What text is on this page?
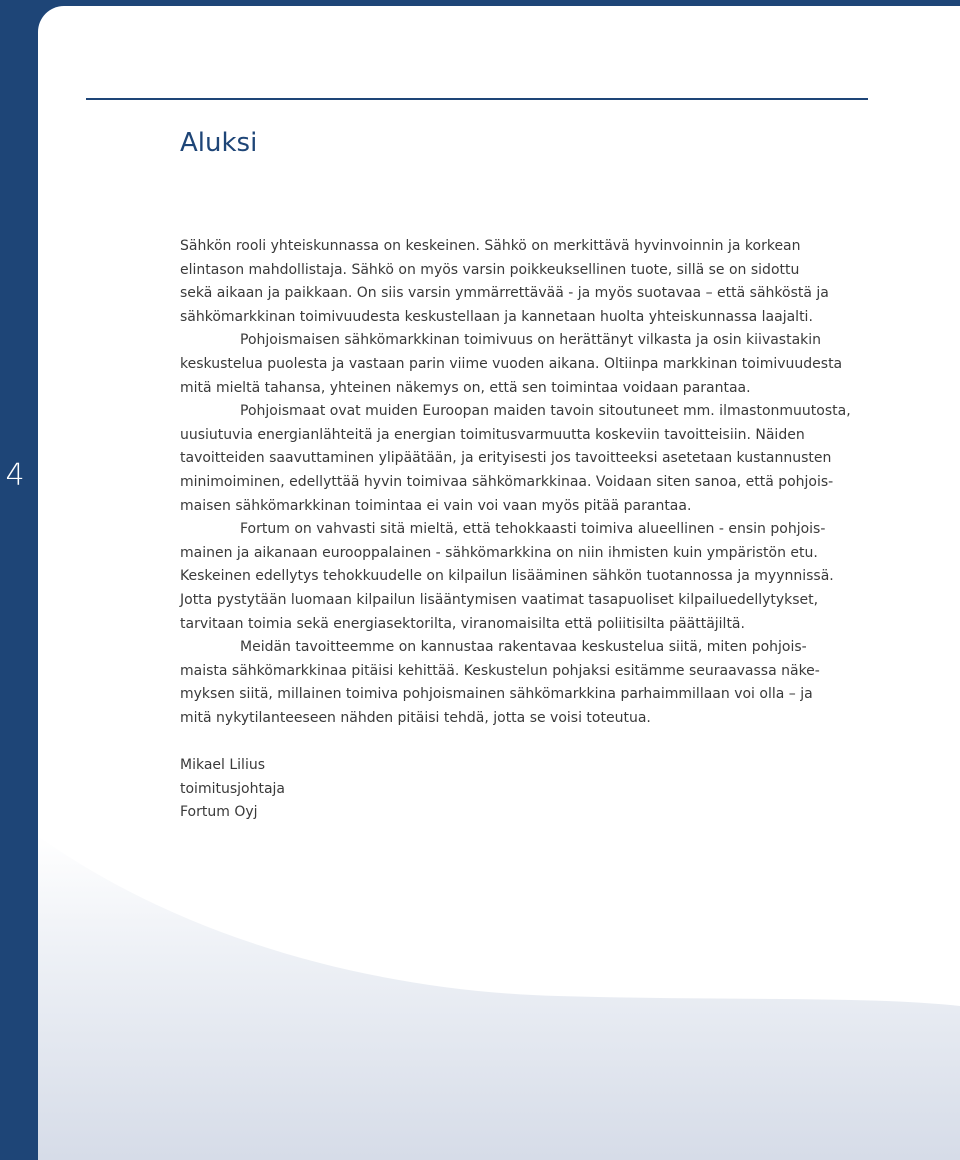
4
Aluksi

Sähkön rooli yhteiskunnassa on keskeinen. Sähkö on merkittävä hyvinvoinnin ja korkean
elintason mahdollistaja. Sähkö on myös varsin poikkeuksellinen tuote, sillä se on sidottu
sekä aikaan ja paikkaan. On siis varsin ymmärrettävää - ja myös suotavaa – että sähköstä ja
sähkömarkkinan toimivuudesta keskustellaan ja kannetaan huolta yhteiskunnassa laajalti.

Pohjoismaisen sähkömarkkinan toimivuus on herättänyt vilkasta ja osin kiivastakin
keskustelua puolesta ja vastaan parin viime vuoden aikana. Oltiinpa markkinan toimivuudesta
mitä mieltä tahansa, yhteinen näkemys on, että sen toimintaa voidaan parantaa.

Pohjoismaat ovat muiden Euroopan maiden tavoin sitoutuneet mm. ilmastonmuutosta,
uusiutuvia energianlähteitä ja energian toimitusvarmuutta koskeviin tavoitteisiin. Näiden
tavoitteiden saavuttaminen ylipäätään, ja erityisesti jos tavoitteeksi asetetaan kustannusten
minimoiminen, edellyttää hyvin toimivaa sähkömarkkinaa. Voidaan siten sanoa, että pohjois-
maisen sähkömarkkinan toimintaa ei vain voi vaan myös pitää parantaa.

Fortum on vahvasti sitä mieltä, että tehokkaasti toimiva alueellinen - ensin pohjois-
mainen ja aikanaan eurooppalainen - sähkömarkkina on niin ihmisten kuin ympäristön etu.
Keskeinen edellytys tehokkuudelle on kilpailun lisääminen sähkön tuotannossa ja myynnissä.
Jotta pystytään luomaan kilpailun lisääntymisen vaatimat tasapuoliset kilpailuedellytykset,
tarvitaan toimia sekä energiasektorilta, viranomaisilta että poliitisilta päättäjiltä.

Meidän tavoitteemme on kannustaa rakentavaa keskustelua siitä, miten pohjois-
maista sähkömarkkinaa pitäisi kehittää. Keskustelun pohjaksi esitämme seuraavassa näke-
myksen siitä, millainen toimiva pohjoismainen sähkömarkkina parhaimmillaan voi olla – ja
mitä nykytilanteeseen nähden pitäisi tehdä, jotta se voisi toteutua.

Mikael Lilius
toimitusjohtaja
Fortum Oyj
